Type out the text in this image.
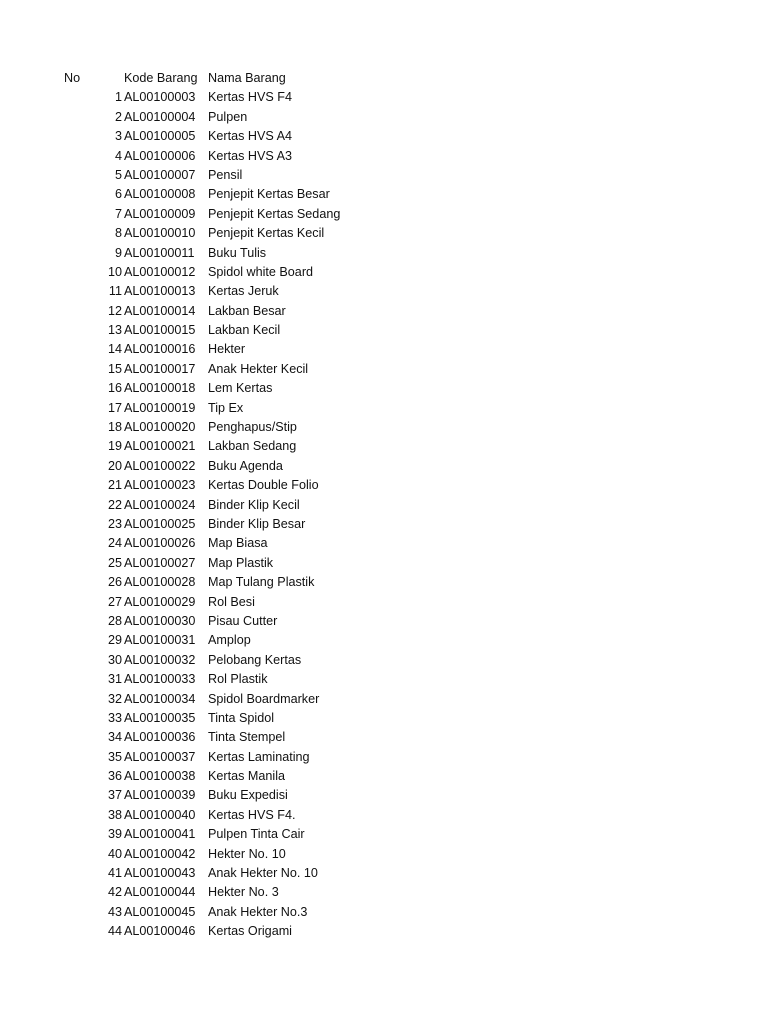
No	Kode Barang Nama Barang
1 AL00100003 Kertas HVS F4
2 AL00100004 Pulpen
3 AL00100005 Kertas HVS A4
4 AL00100006 Kertas HVS A3
5 AL00100007 Pensil
6 AL00100008 Penjepit Kertas Besar
7 AL00100009 Penjepit Kertas Sedang
8 AL00100010 Penjepit Kertas Kecil
9 AL00100011 Buku Tulis
10 AL00100012 Spidol white Board
11 AL00100013 Kertas Jeruk
12 AL00100014 Lakban Besar
13 AL00100015 Lakban Kecil
14 AL00100016 Hekter
15 AL00100017 Anak Hekter Kecil
16 AL00100018 Lem Kertas
17 AL00100019 Tip Ex
18 AL00100020 Penghapus/Stip
19 AL00100021 Lakban Sedang
20 AL00100022 Buku Agenda
21 AL00100023 Kertas Double Folio
22 AL00100024 Binder Klip Kecil
23 AL00100025 Binder Klip Besar
24 AL00100026 Map Biasa
25 AL00100027 Map Plastik
26 AL00100028 Map Tulang Plastik
27 AL00100029 Rol Besi
28 AL00100030 Pisau Cutter
29 AL00100031 Amplop
30 AL00100032 Pelobang Kertas
31 AL00100033 Rol Plastik
32 AL00100034 Spidol Boardmarker
33 AL00100035 Tinta Spidol
34 AL00100036 Tinta Stempel
35 AL00100037 Kertas Laminating
36 AL00100038 Kertas Manila
37 AL00100039 Buku Expedisi
38 AL00100040 Kertas HVS F4.
39 AL00100041 Pulpen Tinta Cair
40 AL00100042 Hekter No. 10
41 AL00100043 Anak Hekter No. 10
42 AL00100044 Hekter No. 3
43 AL00100045 Anak Hekter No.3
44 AL00100046 Kertas Origami
